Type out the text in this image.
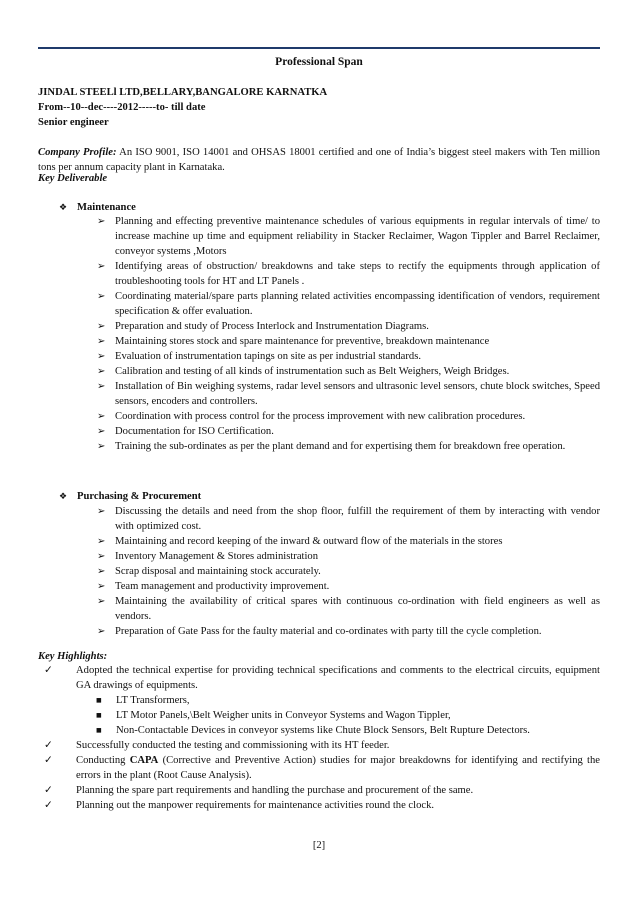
Professional Span
JINDAL STEELl LTD,BELLARY,BANGALORE KARNATKA
From--10--dec----2012-----to- till date
Senior engineer
Company Profile: An ISO 9001, ISO 14001 and OHSAS 18001 certified and one of India’s biggest steel makers with Ten million tons per annum capacity plant in Karnataka.
Key Deliverable
❖ Maintenance
➢ Planning and effecting preventive maintenance schedules of various equipments in regular intervals of time/ to increase machine up time and equipment reliability in Stacker Reclaimer, Wagon Tippler and Barrel Reclaimer, conveyor systems ,Motors
➢ Identifying areas of obstruction/ breakdowns and take steps to rectify the equipments through application of troubleshooting tools for HT and LT Panels .
➢ Coordinating material/spare parts planning related activities encompassing identification of vendors, requirement specification & offer evaluation.
➢ Preparation and study of Process Interlock and Instrumentation Diagrams.
➢ Maintaining stores stock and spare maintenance for preventive, breakdown maintenance
➢ Evaluation of instrumentation tapings on site as per industrial standards.
➢ Calibration and testing of all kinds of instrumentation such as Belt Weighers, Weigh Bridges.
➢ Installation of Bin weighing systems, radar level sensors and ultrasonic level sensors, chute block switches, Speed sensors, encoders and controllers.
➢ Coordination with process control for the process improvement with new calibration procedures.
➢ Documentation for ISO Certification.
➢ Training the sub-ordinates as per the plant demand and for expertising them for breakdown free operation.
❖ Purchasing & Procurement
➢ Discussing the details and need from the shop floor, fulfill the requirement of them by interacting with vendor with optimized cost.
➢ Maintaining and record keeping of the inward & outward flow of the materials in the stores
➢ Inventory Management & Stores administration
➢ Scrap disposal and maintaining stock accurately.
➢ Team management and productivity improvement.
➢ Maintaining the availability of critical spares with continuous co-ordination with field engineers as well as vendors.
➢ Preparation of Gate Pass for the faulty material and co-ordinates with party till the cycle completion.
Key Highlights:
✓ Adopted the technical expertise for providing technical specifications and comments to the electrical circuits, equipment GA drawings of equipments.
■ LT Transformers,
■ LT Motor Panels,\Belt Weigher units in Conveyor Systems and Wagon Tippler,
■ Non-Contactable Devices in conveyor systems like Chute Block Sensors, Belt Rupture Detectors.
✓ Successfully conducted the testing and commissioning with its HT feeder.
✓ Conducting CAPA (Corrective and Preventive Action) studies for major breakdowns for identifying and rectifying the errors in the plant (Root Cause Analysis).
✓ Planning the spare part requirements and handling the purchase and procurement of the same.
✓ Planning out the manpower requirements for maintenance activities round the clock.
[2]
